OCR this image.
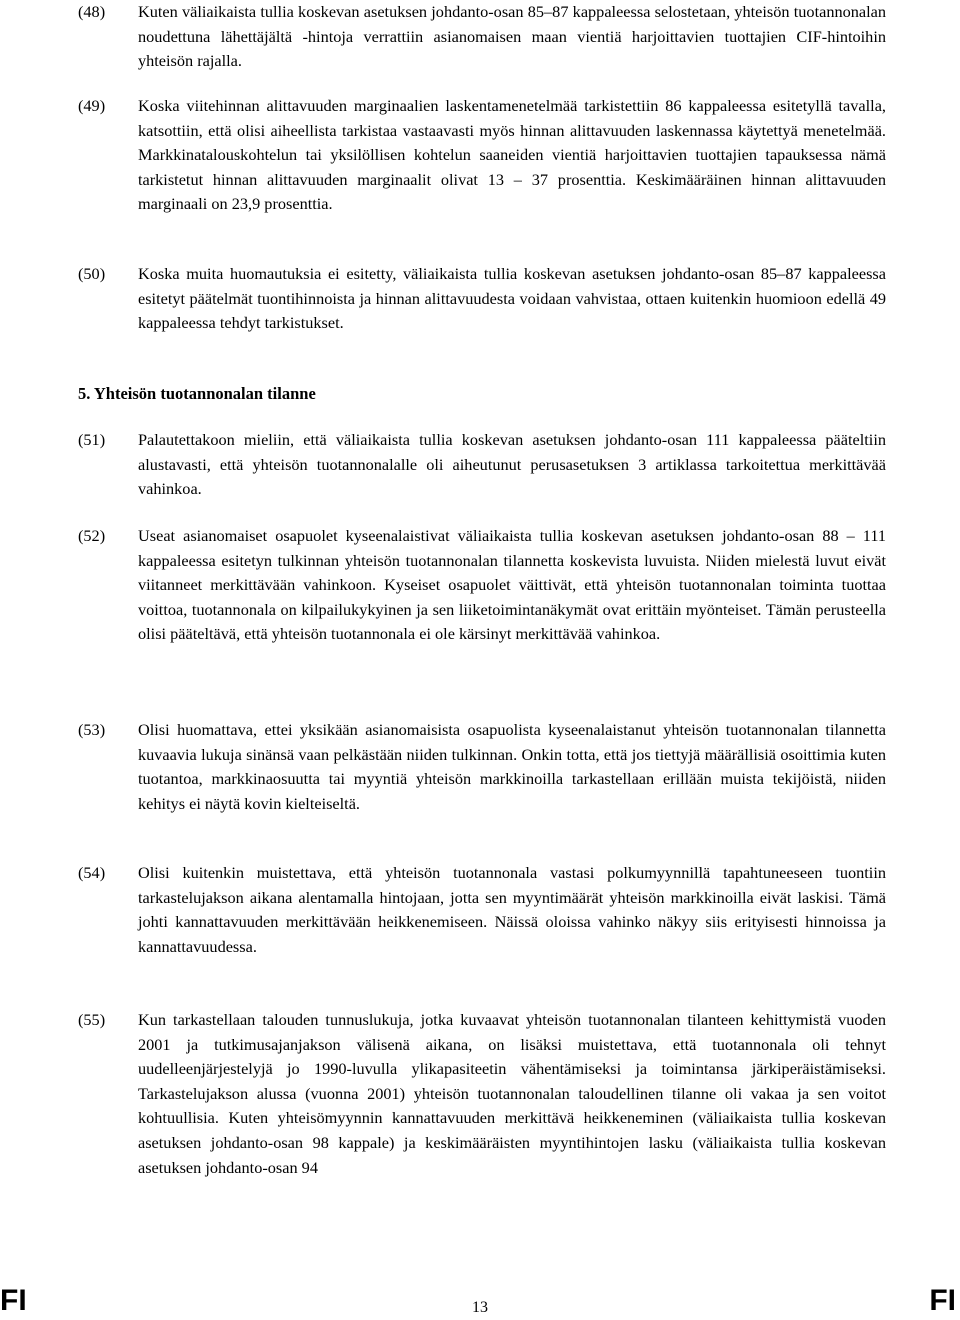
(48)	Kuten väliaikaista tullia koskevan asetuksen johdanto-osan 85–87 kappaleessa selostetaan, yhteisön tuotannonalan noudettuna lähettäjältä -hintoja verrattiin asianomaisen maan vientiä harjoittavien tuottajien CIF-hintoihin yhteisön rajalla.
(49)	Koska viitehinnan alittavuuden marginaalien laskentamenetelmää tarkistettiin 86 kappaleessa esitetyllä tavalla, katsottiin, että olisi aiheellista tarkistaa vastaavasti myös hinnan alittavuuden laskennassa käytettyä menetelmää. Markkinatalouskohtelun tai yksilöllisen kohtelun saaneiden vientiä harjoittavien tuottajien tapauksessa nämä tarkistetut hinnan alittavuuden marginaalit olivat 13 – 37 prosenttia. Keskimääräinen hinnan alittavuuden marginaali on 23,9 prosenttia.
(50)	Koska muita huomautuksia ei esitetty, väliaikaista tullia koskevan asetuksen johdanto-osan 85–87 kappaleessa esitetyt päätelmät tuontihinnoista ja hinnan alittavuudesta voidaan vahvistaa, ottaen kuitenkin huomioon edellä 49 kappaleessa tehdyt tarkistukset.
5. Yhteisön tuotannonalan tilanne
(51)	Palautettakoon mieliin, että väliaikaista tullia koskevan asetuksen johdanto-osan 111 kappaleessa pääteltiin alustavasti, että yhteisön tuotannonalalle oli aiheutunut perusasetuksen 3 artiklassa tarkoitettua merkittävää vahinkoa.
(52)	Useat asianomaiset osapuolet kyseenalaistivat väliaikaista tullia koskevan asetuksen johdanto-osan 88 – 111 kappaleessa esitetyn tulkinnan yhteisön tuotannonalan tilannetta koskevista luvuista. Niiden mielestä luvut eivät viitanneet merkittävään vahinkoon. Kyseiset osapuolet väittivät, että yhteisön tuotannonalan toiminta tuottaa voittoa, tuotannonala on kilpailukykyinen ja sen liiketoimintanäkymät ovat erittäin myönteiset. Tämän perusteella olisi pääteltävä, että yhteisön tuotannonala ei ole kärsinyt merkittävää vahinkoa.
(53)	Olisi huomattava, ettei yksikään asianomaisista osapuolista kyseenalaistanut yhteisön tuotannonalan tilannetta kuvaavia lukuja sinänsä vaan pelkästään niiden tulkinnan. Onkin totta, että jos tiettyjä määrällisiä osoittimia kuten tuotantoa, markkinaosuutta tai myyntiä yhteisön markkinoilla tarkastellaan erillään muista tekijöistä, niiden kehitys ei näytä kovin kielteiseltä.
(54)	Olisi kuitenkin muistettava, että yhteisön tuotannonala vastasi polkumyynnillä tapahtuneeseen tuontiin tarkastelujakson aikana alentamalla hintojaan, jotta sen myyntimäärät yhteisön markkinoilla eivät laskisi. Tämä johti kannattavuuden merkittävään heikkenemiseen. Näissä oloissa vahinko näkyy siis erityisesti hinnoissa ja kannattavuudessa.
(55)	Kun tarkastellaan talouden tunnuslukuja, jotka kuvaavat yhteisön tuotannonalan tilanteen kehittymistä vuoden 2001 ja tutkimusajanjakson välisenä aikana, on lisäksi muistettava, että tuotannonala oli tehnyt uudelleenjärjestelyjä jo 1990-luvulla ylikapasiteetin vähentämiseksi ja toimintansa järkiperäistämiseksi. Tarkastelujakson alussa (vuonna 2001) yhteisön tuotannonalan taloudellinen tilanne oli vakaa ja sen voitot kohtuullisia. Kuten yhteisömyynnin kannattavuuden merkittävä heikkeneminen (väliaikaista tullia koskevan asetuksen johdanto-osan 98 kappale) ja keskimääräisten myyntihintojen lasku (väliaikaista tullia koskevan asetuksen johdanto-osan 94
FI	13	FI
